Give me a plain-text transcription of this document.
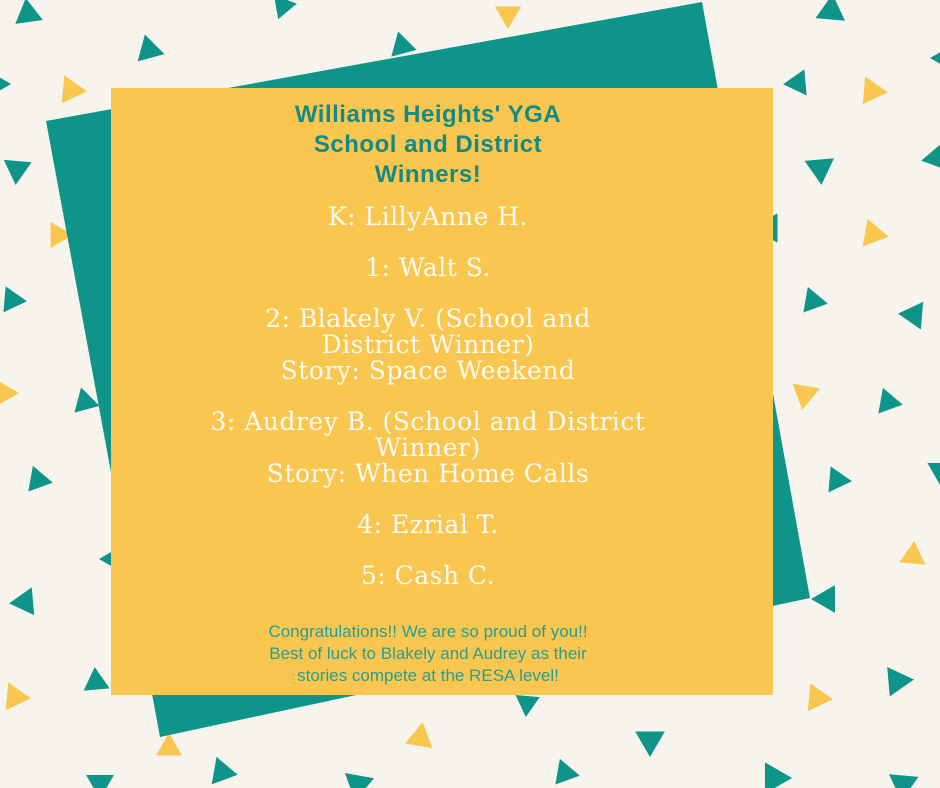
Williams Heights' YGA
School and District
Winners!
K: LillyAnne H.
1: Walt S.
2: Blakely V. (School and
District Winner)
Story: Space Weekend
3: Audrey B. (School and District
Winner)
Story: When Home Calls
4: Ezrial T.
5: Cash C.
Congratulations!! We are so proud of you!!
Best of luck to Blakely and Audrey as their
stories compete at the RESA level!
